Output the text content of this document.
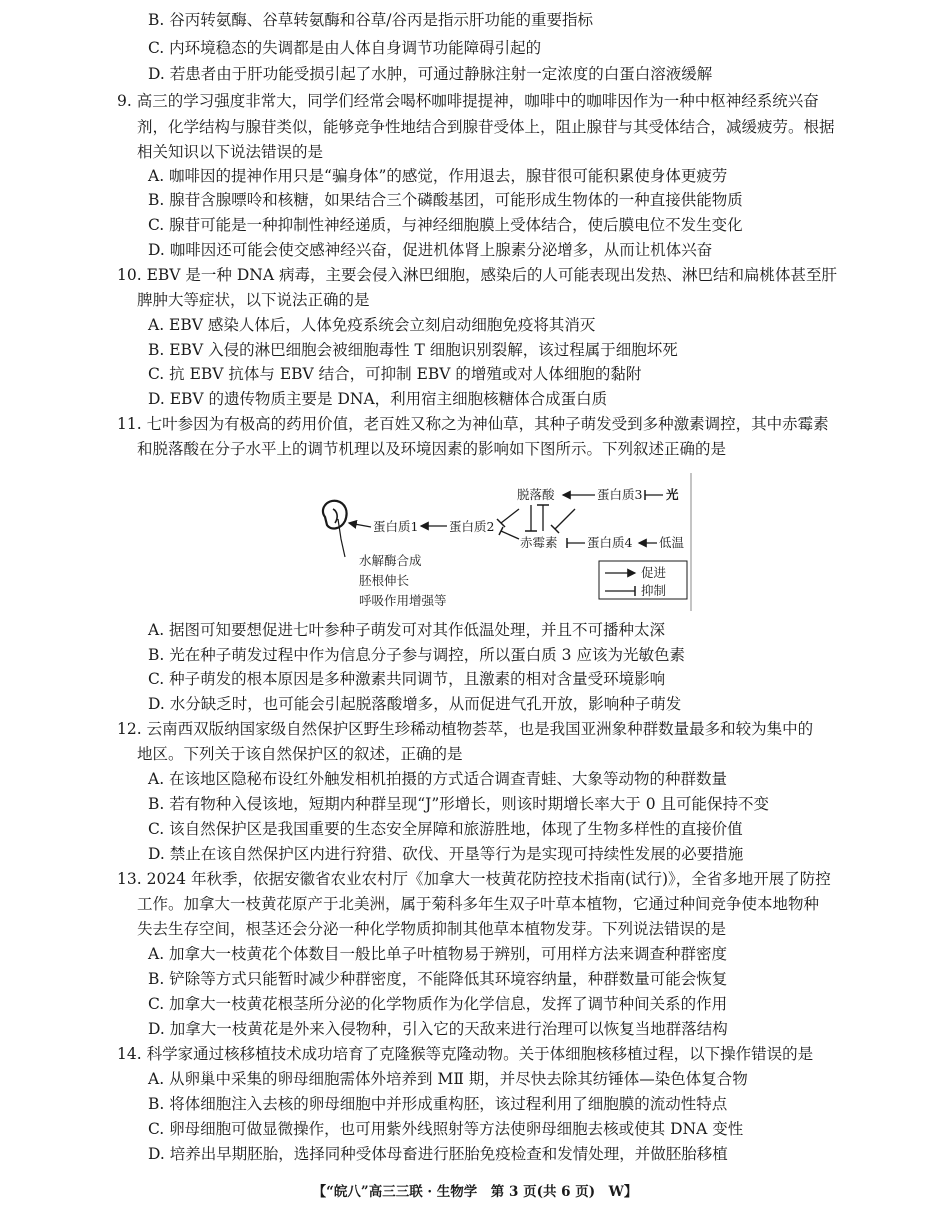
B. 谷丙转氨酶、谷草转氨酶和谷草/谷丙是指示肝功能的重要指标
C. 内环境稳态的失调都是由人体自身调节功能障碍引起的
D. 若患者由于肝功能受损引起了水肿，可通过静脉注射一定浓度的白蛋白溶液缓解
9. 高三的学习强度非常大，同学们经常会喝杯咖啡提提神，咖啡中的咖啡因作为一种中枢神经系统兴奋
剂，化学结构与腺苷类似，能够竞争性地结合到腺苷受体上，阻止腺苷与其受体结合，减缓疲劳。根据
相关知识以下说法错误的是
A. 咖啡因的提神作用只是“骗身体”的感觉，作用退去，腺苷很可能积累使身体更疲劳
B. 腺苷含腺嘌呤和核糖，如果结合三个磷酸基团，可能形成生物体的一种直接供能物质
C. 腺苷可能是一种抑制性神经递质，与神经细胞膜上受体结合，使后膜电位不发生变化
D. 咖啡因还可能会使交感神经兴奋，促进机体肾上腺素分泌增多，从而让机体兴奋
10. EBV 是一种 DNA 病毒，主要会侵入淋巴细胞，感染后的人可能表现出发热、淋巴结和扁桃体甚至肝
脾肿大等症状，以下说法正确的是
A. EBV 感染人体后，人体免疫系统会立刻启动细胞免疫将其消灭
B. EBV 入侵的淋巴细胞会被细胞毒性 T 细胞识别裂解，该过程属于细胞坏死
C. 抗 EBV 抗体与 EBV 结合，可抑制 EBV 的增殖或对人体细胞的黏附
D. EBV 的遗传物质主要是 DNA，利用宿主细胞核糖体合成蛋白质
11. 七叶参因为有极高的药用价值，老百姓又称之为神仙草，其种子萌发受到多种激素调控，其中赤霉素
和脱落酸在分子水平上的调节机理以及环境因素的影响如下图所示。下列叙述正确的是
脱落酸	蛋白质3 光
蛋白质1 蛋白质2
赤霉素 蛋白质4 低温
水解酶合成
胚根伸长
呼吸作用增强等
促进
抑制
A. 据图可知要想促进七叶参种子萌发可对其作低温处理，并且不可播种太深
B. 光在种子萌发过程中作为信息分子参与调控，所以蛋白质 3 应该为光敏色素
C. 种子萌发的根本原因是多种激素共同调节，且激素的相对含量受环境影响
D. 水分缺乏时，也可能会引起脱落酸增多，从而促进气孔开放，影响种子萌发
12. 云南西双版纳国家级自然保护区野生珍稀动植物荟萃，也是我国亚洲象种群数量最多和较为集中的
地区。下列关于该自然保护区的叙述，正确的是
A. 在该地区隐秘布设红外触发相机拍摄的方式适合调查青蛙、大象等动物的种群数量
B. 若有物种入侵该地，短期内种群呈现“J”形增长，则该时期增长率大于 0 且可能保持不变
C. 该自然保护区是我国重要的生态安全屏障和旅游胜地，体现了生物多样性的直接价值
D. 禁止在该自然保护区内进行狩猎、砍伐、开垦等行为是实现可持续性发展的必要措施
13. 2024 年秋季，依据安徽省农业农村厅《加拿大一枝黄花防控技术指南(试行)》，全省多地开展了防控
工作。加拿大一枝黄花原产于北美洲，属于菊科多年生双子叶草本植物，它通过种间竞争使本地物种
失去生存空间，根茎还会分泌一种化学物质抑制其他草本植物发芽。下列说法错误的是
A. 加拿大一枝黄花个体数目一般比单子叶植物易于辨别，可用样方法来调查种群密度
B. 铲除等方式只能暂时减少种群密度，不能降低其环境容纳量，种群数量可能会恢复
C. 加拿大一枝黄花根茎所分泌的化学物质作为化学信息，发挥了调节种间关系的作用
D. 加拿大一枝黄花是外来入侵物种，引入它的天敌来进行治理可以恢复当地群落结构
14. 科学家通过核移植技术成功培育了克隆猴等克隆动物。关于体细胞核移植过程，以下操作错误的是
A. 从卵巢中采集的卵母细胞需体外培养到 MⅡ 期，并尽快去除其纺锤体—染色体复合物
B. 将体细胞注入去核的卵母细胞中并形成重构胚，该过程利用了细胞膜的流动性特点
C. 卵母细胞可做显微操作，也可用紫外线照射等方法使卵母细胞去核或使其 DNA 变性
D. 培养出早期胚胎，选择同种受体母畜进行胚胎免疫检查和发情处理，并做胚胎移植
【“皖八”高三三联 · 生物学　第 3 页(共 6 页)　W】
